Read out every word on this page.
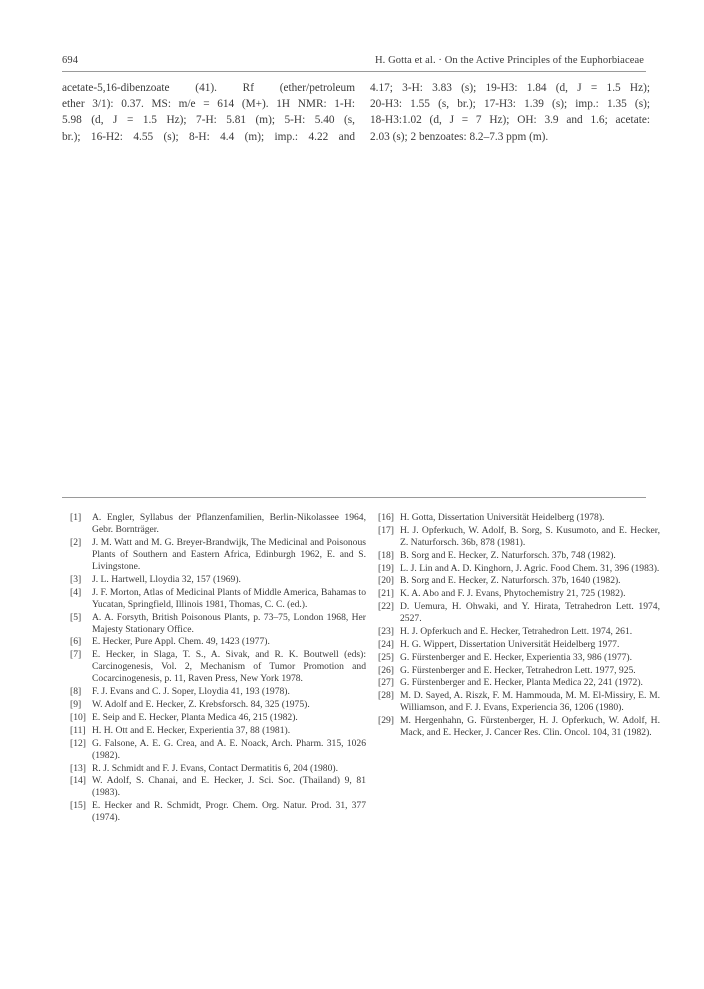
694	H. Gotta et al. · On the Active Principles of the Euphorbiaceae
acetate-5,16-dibenzoate (41). Rf (ether/petroleum
ether 3/1): 0.37. MS: m/e = 614 (M+). 1H NMR: 1-H:
5.98 (d, J = 1.5 Hz); 7-H: 5.81 (m); 5-H: 5.40 (s,
br.); 16-H2: 4.55 (s); 8-H: 4.4 (m); imp.: 4.22 and
4.17; 3-H: 3.83 (s); 19-H3: 1.84 (d, J = 1.5 Hz);
20-H3: 1.55 (s, br.); 17-H3: 1.39 (s); imp.: 1.35 (s);
18-H3:1.02 (d, J = 7 Hz); OH: 3.9 and 1.6; acetate:
2.03 (s); 2 benzoates: 8.2–7.3 ppm (m).
[1] A. Engler, Syllabus der Pflanzenfamilien, Berlin-Nikolassee 1964, Gebr. Bornträger.
[2] J. M. Watt and M. G. Breyer-Brandwijk, The Medicinal and Poisonous Plants of Southern and Eastern Africa, Edinburgh 1962, E. and S. Livingstone.
[3] J. L. Hartwell, Lloydia 32, 157 (1969).
[4] J. F. Morton, Atlas of Medicinal Plants of Middle America, Bahamas to Yucatan, Springfield, Illinois 1981, Thomas, C. C. (ed.).
[5] A. A. Forsyth, British Poisonous Plants, p. 73–75, London 1968, Her Majesty Stationary Office.
[6] E. Hecker, Pure Appl. Chem. 49, 1423 (1977).
[7] E. Hecker, in Slaga, T. S., A. Sivak, and R. K. Boutwell (eds): Carcinogenesis, Vol. 2, Mechanism of Tumor Promotion and Cocarcinogenesis, p. 11, Raven Press, New York 1978.
[8] F. J. Evans and C. J. Soper, Lloydia 41, 193 (1978).
[9] W. Adolf and E. Hecker, Z. Krebsforsch. 84, 325 (1975).
[10] E. Seip and E. Hecker, Planta Medica 46, 215 (1982).
[11] H. H. Ott and E. Hecker, Experientia 37, 88 (1981).
[12] G. Falsone, A. E. G. Crea, and A. E. Noack, Arch. Pharm. 315, 1026 (1982).
[13] R. J. Schmidt and F. J. Evans, Contact Dermatitis 6, 204 (1980).
[14] W. Adolf, S. Chanai, and E. Hecker, J. Sci. Soc. (Thailand) 9, 81 (1983).
[15] E. Hecker and R. Schmidt, Progr. Chem. Org. Natur. Prod. 31, 377 (1974).
[16] H. Gotta, Dissertation Universität Heidelberg (1978).
[17] H. J. Opferkuch, W. Adolf, B. Sorg, S. Kusumoto, and E. Hecker, Z. Naturforsch. 36b, 878 (1981).
[18] B. Sorg and E. Hecker, Z. Naturforsch. 37b, 748 (1982).
[19] L. J. Lin and A. D. Kinghorn, J. Agric. Food Chem. 31, 396 (1983).
[20] B. Sorg and E. Hecker, Z. Naturforsch. 37b, 1640 (1982).
[21] K. A. Abo and F. J. Evans, Phytochemistry 21, 725 (1982).
[22] D. Uemura, H. Ohwaki, and Y. Hirata, Tetrahedron Lett. 1974, 2527.
[23] H. J. Opferkuch and E. Hecker, Tetrahedron Lett. 1974, 261.
[24] H. G. Wippert, Dissertation Universität Heidelberg 1977.
[25] G. Fürstenberger and E. Hecker, Experientia 33, 986 (1977).
[26] G. Fürstenberger and E. Hecker, Tetrahedron Lett. 1977, 925.
[27] G. Fürstenberger and E. Hecker, Planta Medica 22, 241 (1972).
[28] M. D. Sayed, A. Riszk, F. M. Hammouda, M. M. El-Missiry, E. M. Williamson, and F. J. Evans, Experiencia 36, 1206 (1980).
[29] M. Hergenhahn, G. Fürstenberger, H. J. Opferkuch, W. Adolf, H. Mack, and E. Hecker, J. Cancer Res. Clin. Oncol. 104, 31 (1982).
